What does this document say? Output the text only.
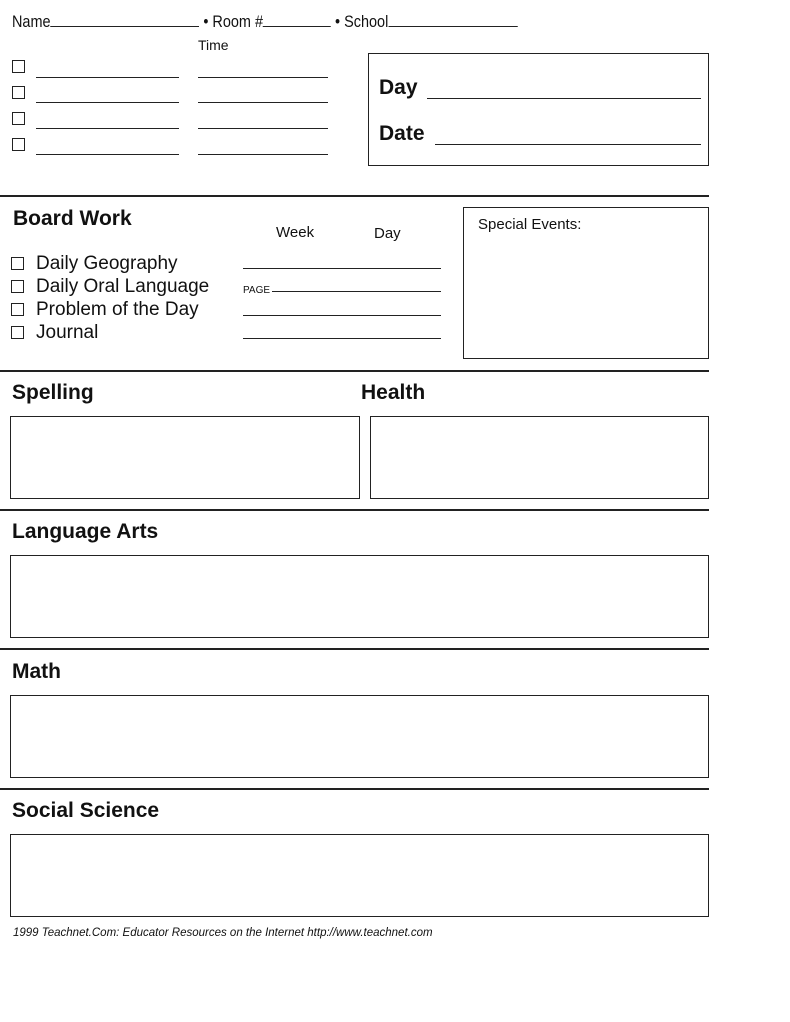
Name	• Room #	• School
Time
Day
Date
Board Work
Week	Day
Daily Geography
Daily Oral Language	PAGE
Problem of the Day
Journal
Special Events:
Spelling	Health
Language Arts
Math
Social Science
1999 Teachnet.Com: Educator Resources on the Internet http://www.teachnet.com
